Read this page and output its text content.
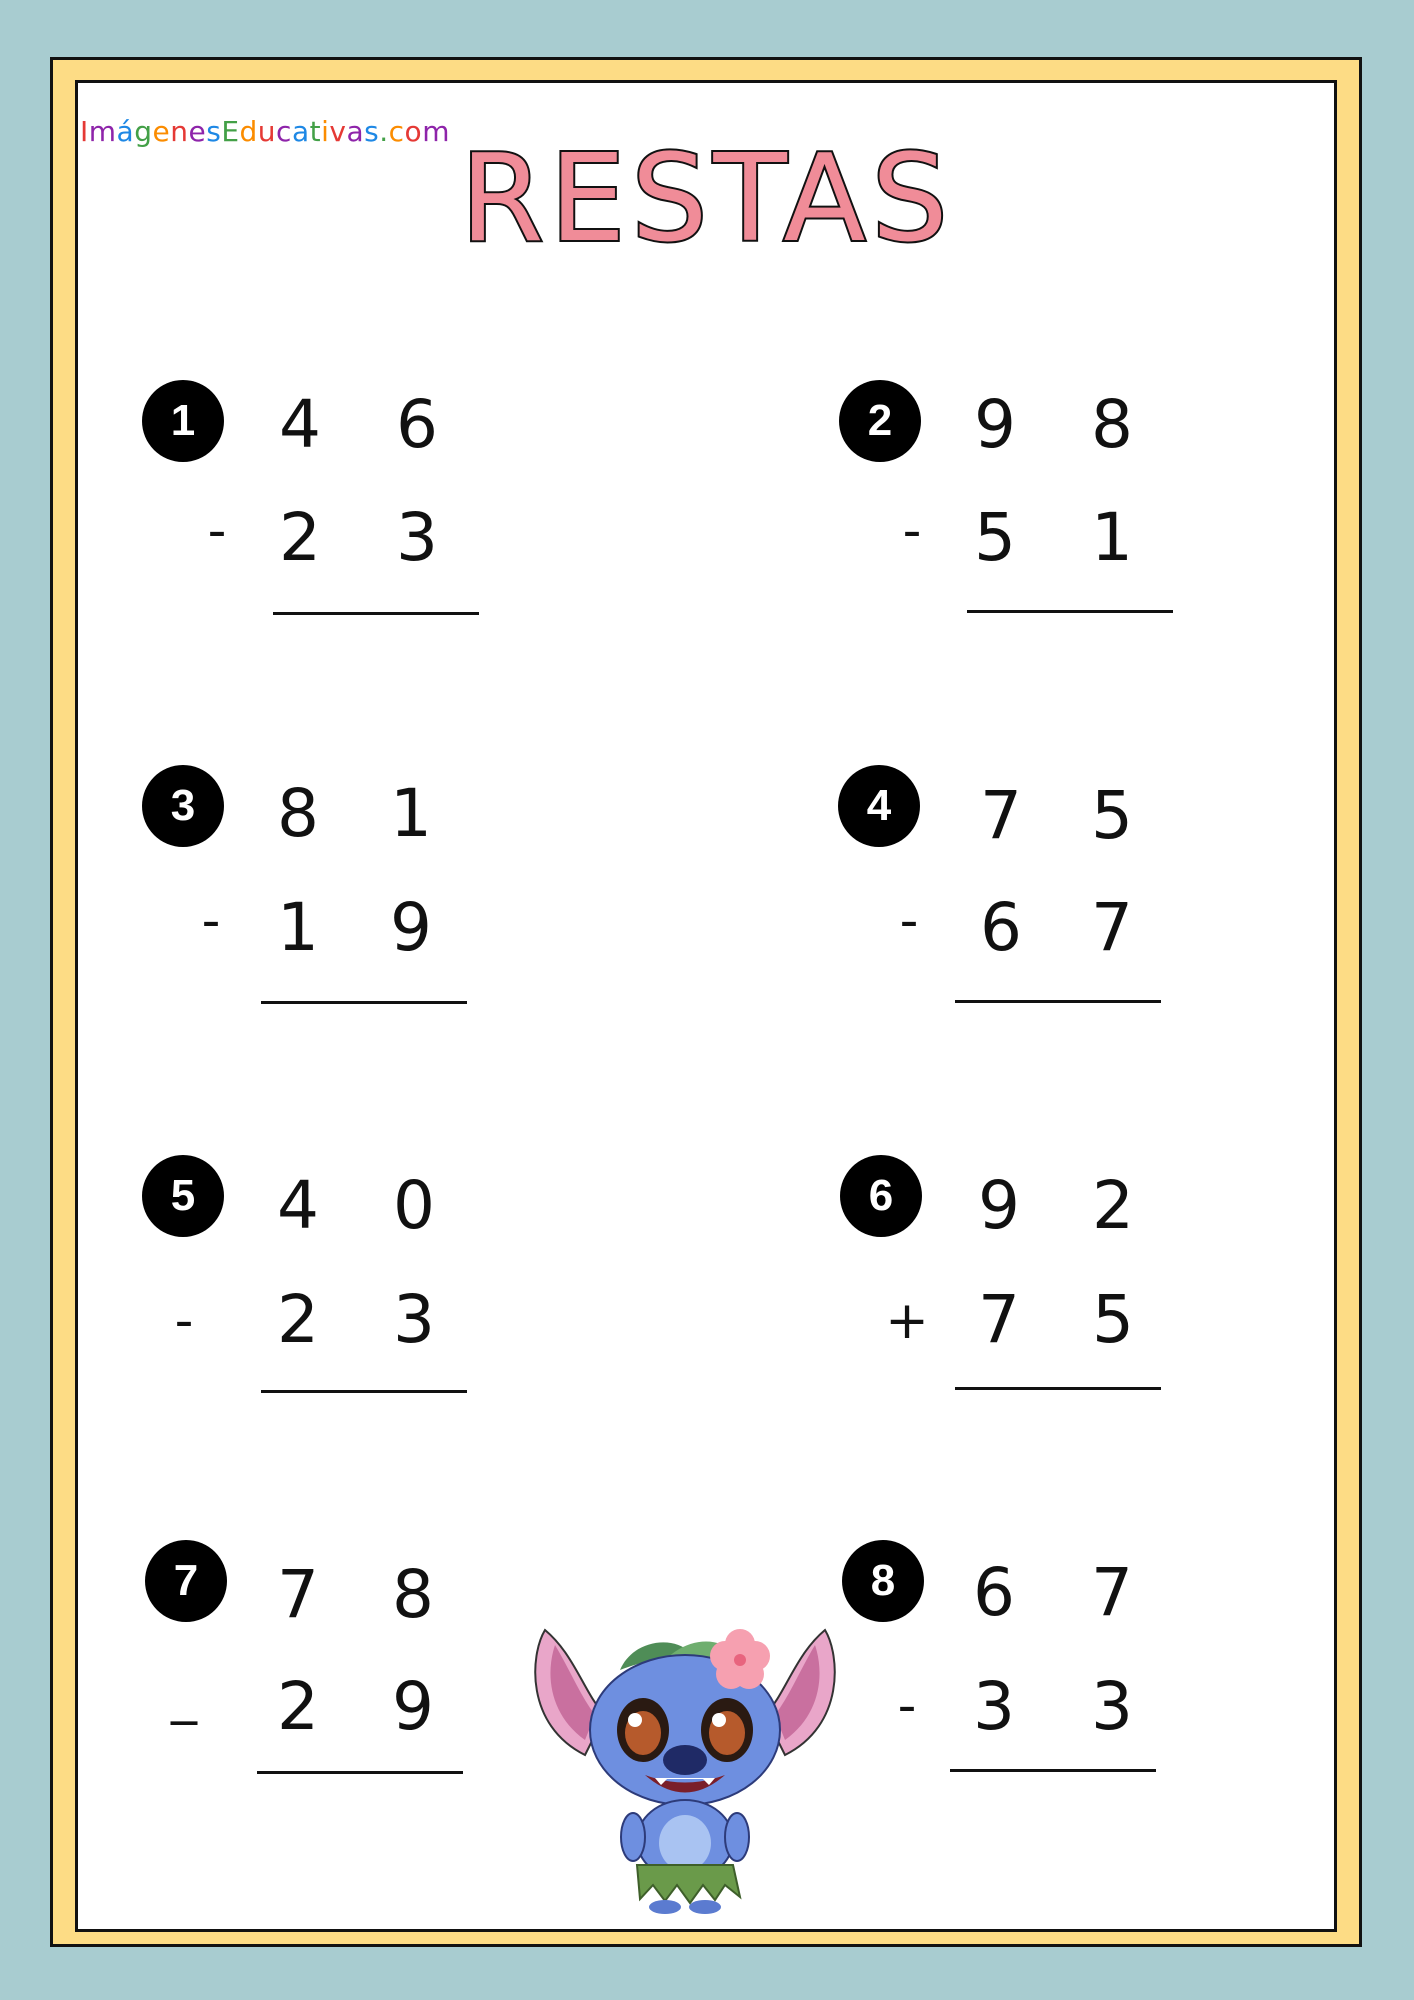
ImágenesEducativas.com RESTAS
1	4 6
- 2 3
2	9 8
- 5 1
3	8 1
- 1 9
4	7 5
- 6 7
5	4 0
- 2 3
6	9 2
+ 7 5
7	7 8
_ 2 9
8	6 7
- 3 3
